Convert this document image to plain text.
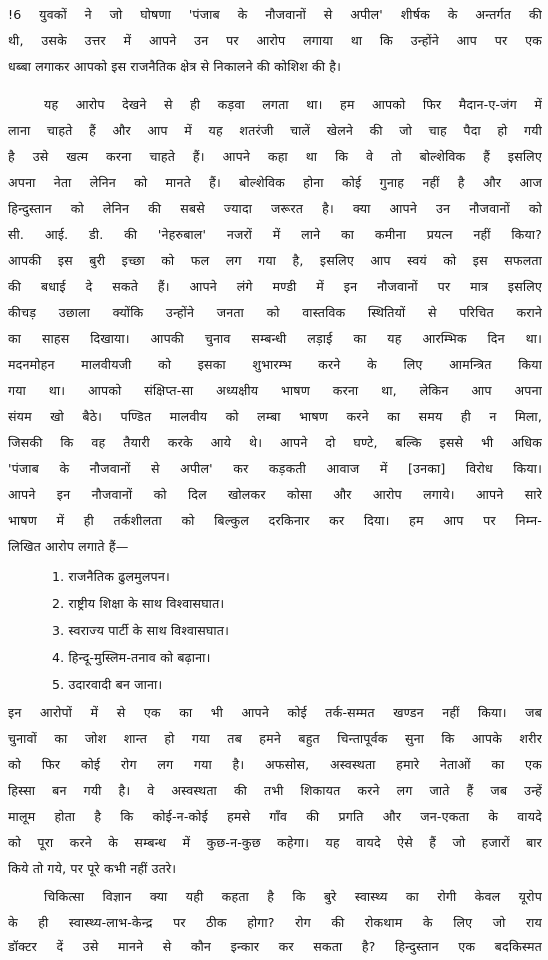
!6 युवकों ने जो घोषणा 'पंजाब के नौजवानों से अपील' शीर्षक के अन्तर्गत की
थी, उसके उत्तर में आपने उन पर आरोप लगाया था कि उन्होंने आप पर एक
धब्बा लगाकर आपको इस राजनैतिक क्षेत्र से निकालने की कोशिश की है।
यह आरोप देखने से ही कड़वा लगता था। हम आपको फिर मैदान-ए-जंग में
लाना चाहते हैं और आप में यह शतरंजी चालें खेलने की जो चाह पैदा हो गयी
है उसे खत्म करना चाहते हैं। आपने कहा था कि वे तो बोल्शेविक हैं इसलिए
अपना नेता लेनिन को मानते हैं। बोल्शेविक होना कोई गुनाह नहीं है और आज
हिन्दुस्तान को लेनिन की सबसे ज्यादा जरूरत है। क्या आपने उन नौजवानों को
सी. आई. डी. की 'नेहरुबाल' नजरों में लाने का कमीना प्रयत्न नहीं किया?
आपकी इस बुरी इच्छा को फल लग गया है, इसलिए आप स्वयं को इस सफलता
की बधाई दे सकते हैं। आपने लंगे मण्डी में इन नौजवानों पर मात्र इसलिए
कीचड़ उछाला क्योंकि उन्होंने जनता को वास्तविक स्थितियों से परिचित कराने
का साहस दिखाया। आपकी चुनाव सम्बन्धी लड़ाई का यह आरम्भिक दिन था।
मदनमोहन मालवीयजी को इसका शुभारम्भ करने के लिए आमन्त्रित किया
गया था। आपको संक्षिप्त-सा अध्यक्षीय भाषण करना था, लेकिन आप अपना
संयम खो बैठे। पण्डित मालवीय को लम्बा भाषण करने का समय ही न मिला,
जिसकी कि वह तैयारी करके आये थे। आपने दो घण्टे, बल्कि इससे भी अधिक
'पंजाब के नौजवानों से अपील' कर कड़कती आवाज में [उनका] विरोध किया।
आपने इन नौजवानों को दिल खोलकर कोसा और आरोप लगाये। आपने सारे
भाषण में ही तर्कशीलता को बिल्कुल दरकिनार कर दिया। हम आप पर निम्न-
लिखित आरोप लगाते हैं—
1. राजनैतिक ढुलमुलपन।
2. राष्ट्रीय शिक्षा के साथ विश्वासघात।
3. स्वराज्य पार्टी के साथ विश्वासघात।
4. हिन्दू-मुस्लिम-तनाव को बढ़ाना।
5. उदारवादी बन जाना।
इन आरोपों में से एक का भी आपने कोई तर्क-सम्मत खण्डन नहीं किया। जब
चुनावों का जोश शान्त हो गया तब हमने बहुत चिन्तापूर्वक सुना कि आपके शरीर
को फिर कोई रोग लग गया है। अफसोस, अस्वस्थता हमारे नेताओं का एक
हिस्सा बन गयी है। वे अस्वस्थता की तभी शिकायत करने लग जाते हैं जब उन्हें
मालूम होता है कि कोई-न-कोई हमसे गाँव की प्रगति और जन-एकता के वायदे
को पूरा करने के सम्बन्ध में कुछ-न-कुछ कहेगा। यह वायदे ऐसे हैं जो हजारों बार
किये तो गये, पर पूरे कभी नहीं उतरे।
चिकित्सा विज्ञान क्या यही कहता है कि बुरे स्वास्थ्य का रोगी केवल यूरोप
के ही स्वास्थ्य-लाभ-केन्द्र पर ठीक होगा? रोग की रोकथाम के लिए जो राय
डॉक्टर दें उसे मानने से कौन इन्कार कर सकता है? हिन्दुस्तान एक बदकिस्मत
